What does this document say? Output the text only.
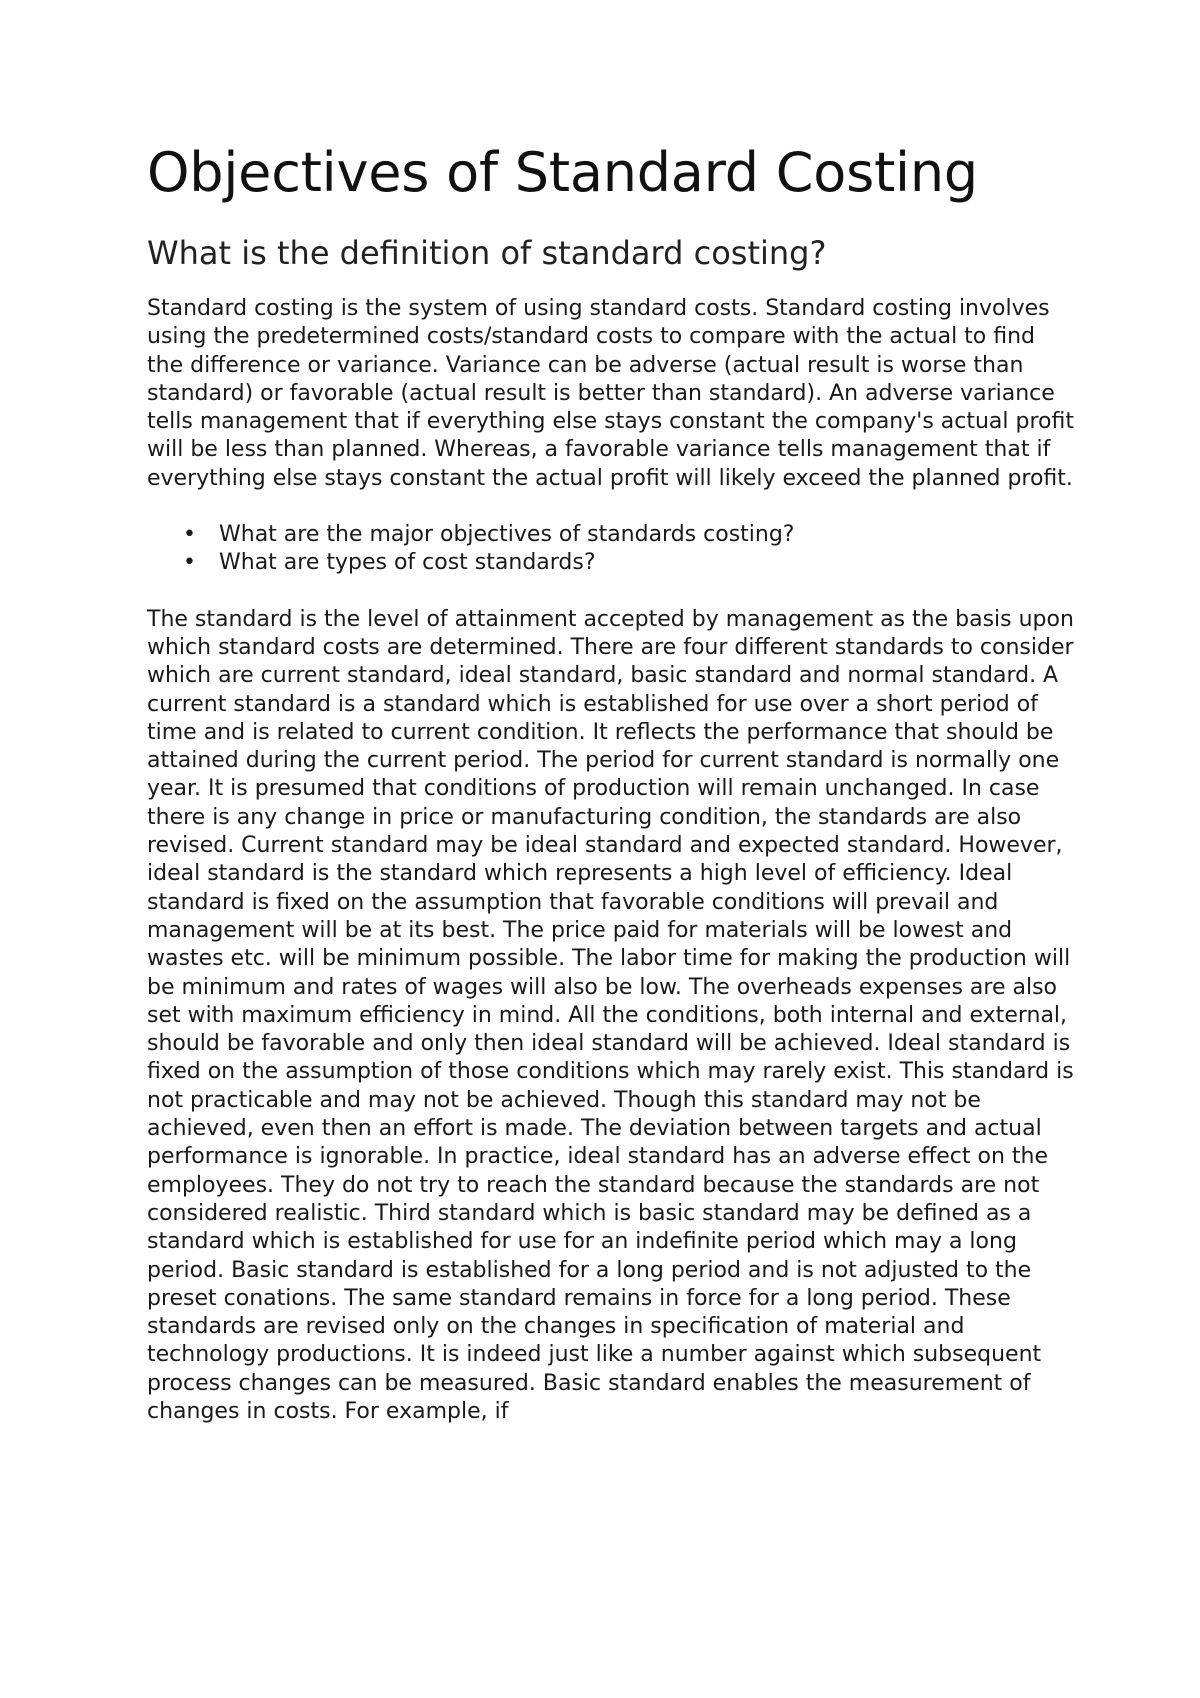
Objectives of Standard Costing
What is the definition of standard costing?

Standard costing is the system of using standard costs. Standard costing involves using the predetermined costs/standard costs to compare with the actual to find the difference or variance. Variance can be adverse (actual result is worse than standard) or favorable (actual result is better than standard). An adverse variance tells management that if everything else stays constant the company's actual profit will be less than planned. Whereas, a favorable variance tells management that if everything else stays constant the actual profit will likely exceed the planned profit.

• What are the major objectives of standards costing?
• What are types of cost standards?

The standard is the level of attainment accepted by management as the basis upon which standard costs are determined. There are four different standards to consider which are current standard, ideal standard, basic standard and normal standard. A current standard is a standard which is established for use over a short period of time and is related to current condition. It reflects the performance that should be attained during the current period. The period for current standard is normally one year. It is presumed that conditions of production will remain unchanged. In case there is any change in price or manufacturing condition, the standards are also revised. Current standard may be ideal standard and expected standard. However, ideal standard is the standard which represents a high level of efficiency. Ideal standard is fixed on the assumption that favorable conditions will prevail and management will be at its best. The price paid for materials will be lowest and wastes etc. will be minimum possible. The labor time for making the production will be minimum and rates of wages will also be low. The overheads expenses are also set with maximum efficiency in mind. All the conditions, both internal and external, should be favorable and only then ideal standard will be achieved. Ideal standard is fixed on the assumption of those conditions which may rarely exist. This standard is not practicable and may not be achieved. Though this standard may not be achieved, even then an effort is made. The deviation between targets and actual performance is ignorable. In practice, ideal standard has an adverse effect on the employees. They do not try to reach the standard because the standards are not considered realistic. Third standard which is basic standard may be defined as a standard which is established for use for an indefinite period which may a long period. Basic standard is established for a long period and is not adjusted to the preset conations. The same standard remains in force for a long period. These standards are revised only on the changes in specification of material and technology productions. It is indeed just like a number against which subsequent process changes can be measured. Basic standard enables the measurement of changes in costs. For example, if
